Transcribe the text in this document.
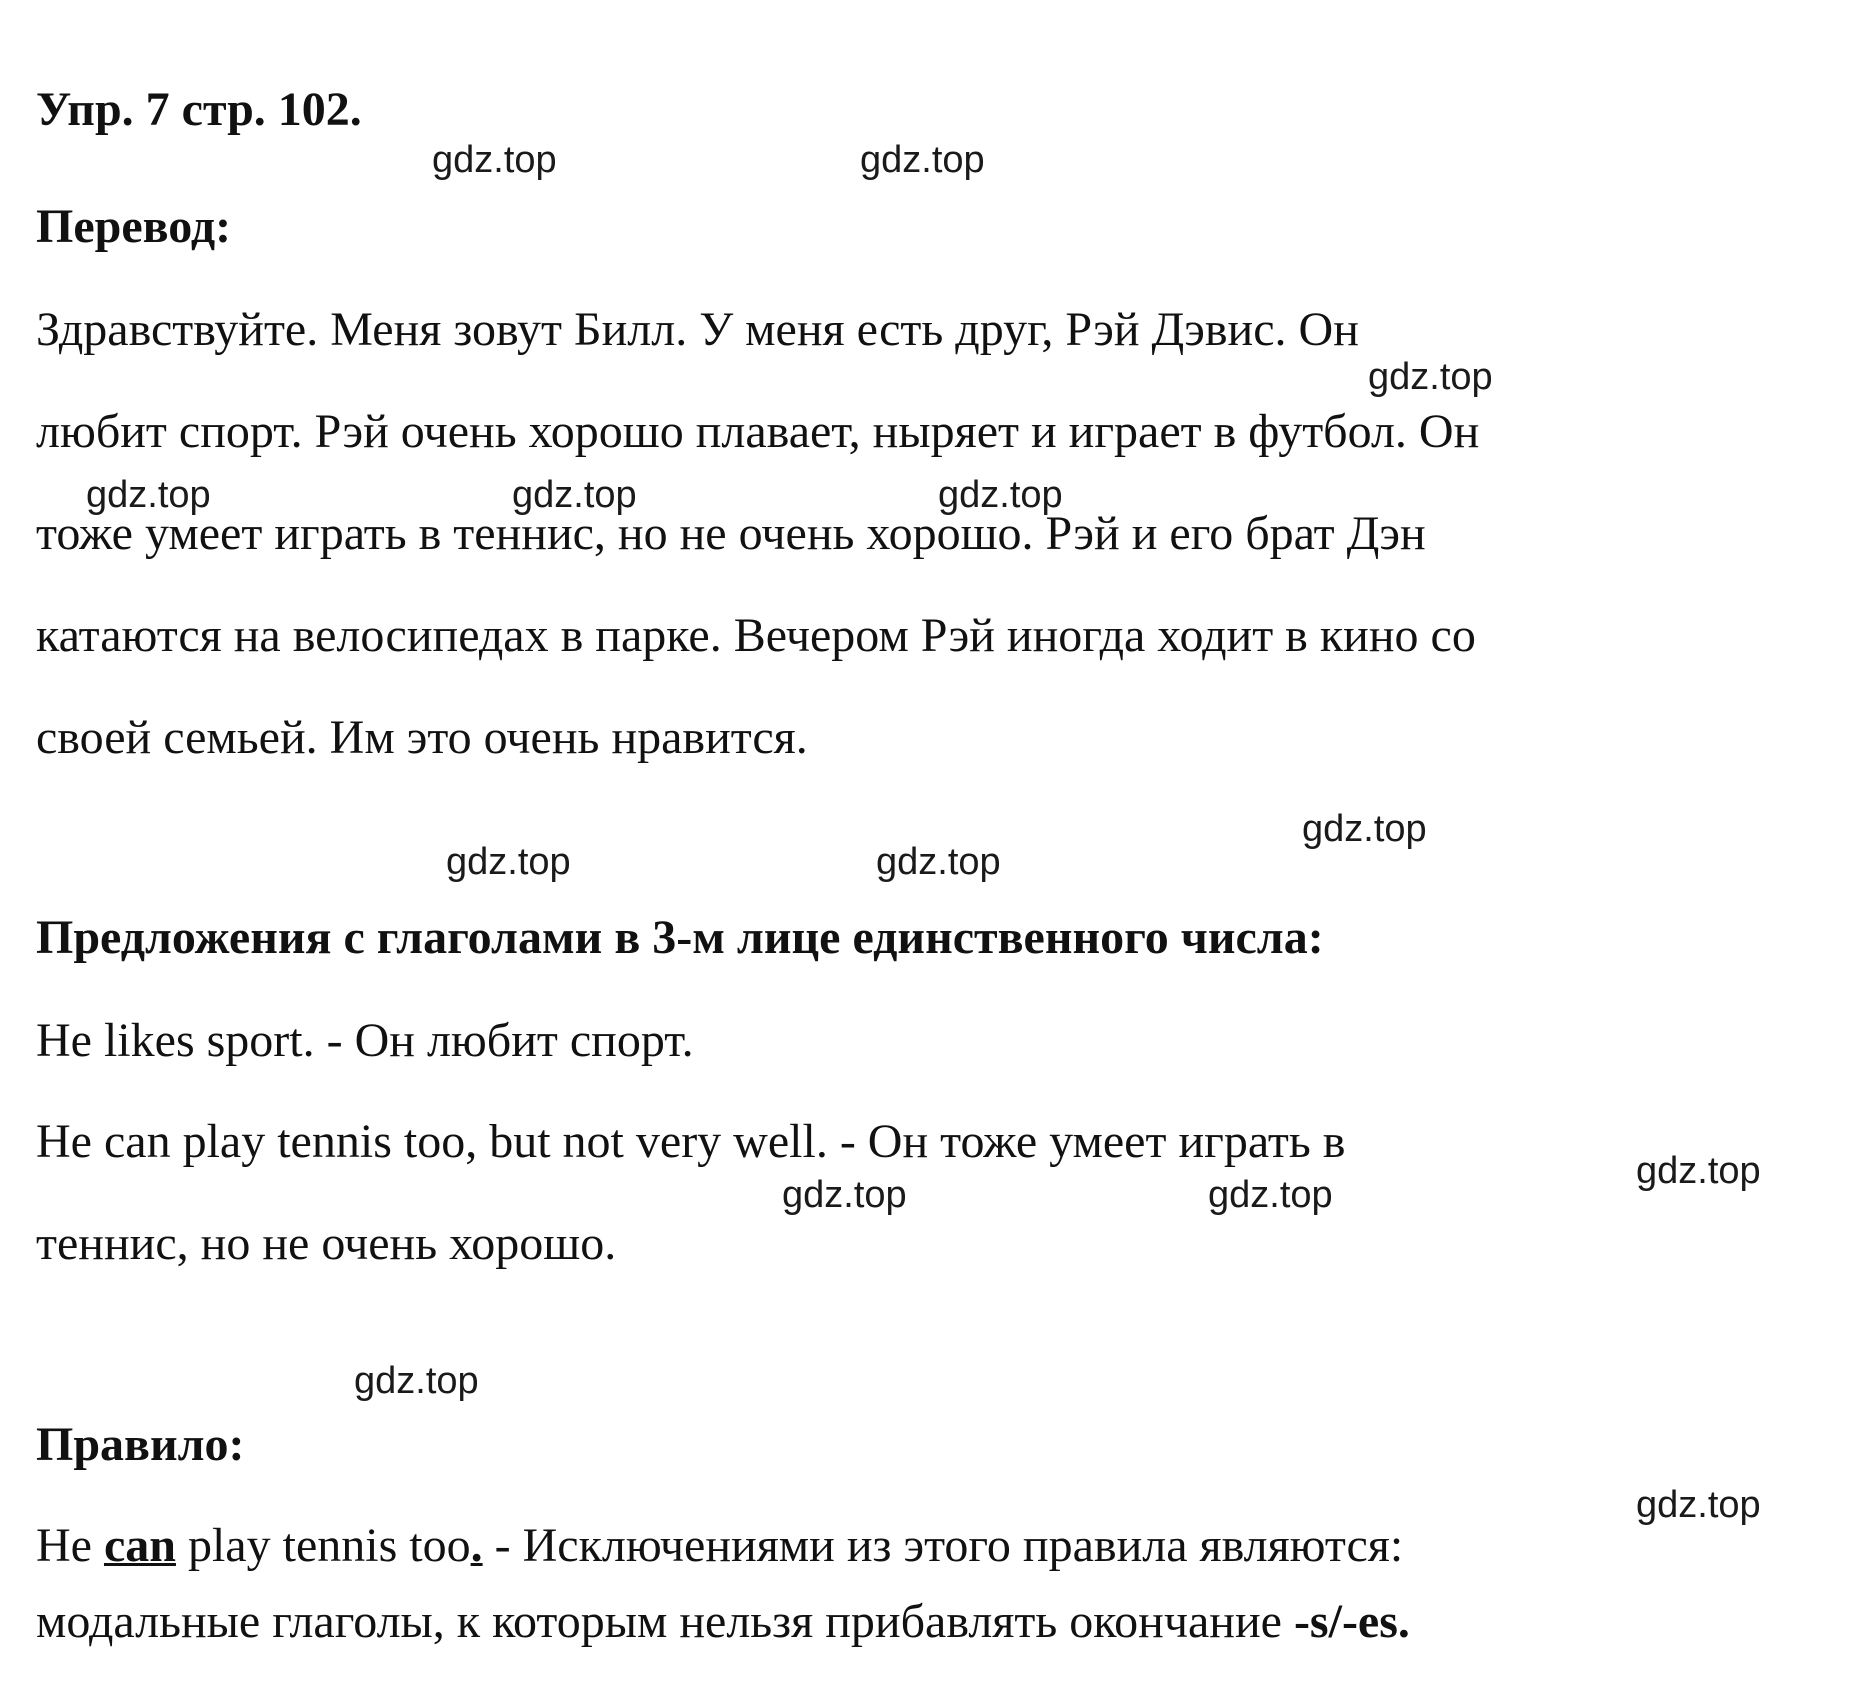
Упр. 7 стр. 102.
Перевод:
Здравствуйте. Меня зовут Билл. У меня есть друг, Рэй Дэвис. Он
любит спорт. Рэй очень хорошо плавает, ныряет и играет в футбол. Он
тоже умеет играть в теннис, но не очень хорошо. Рэй и его брат Дэн
катаются на велосипедах в парке. Вечером Рэй иногда ходит в кино со
своей семьей. Им это очень нравится.
Предложения с глаголами в 3-м лице единственного числа:
He likes sport. - Он любит спорт.
He can play tennis too, but not very well. - Он тоже умеет играть в
теннис, но не очень хорошо.
Правило:
He can play tennis too. - Исключениями из этого правила являются:
модальные глаголы, к которым нельзя прибавлять окончание -s/-es.
gdz.top	gdz.top
gdz.top
gdz.top	gdz.top	gdz.top
gdz.top
gdz.top	gdz.top
gdz.top
gdz.top	gdz.top
gdz.top
gdz.top
